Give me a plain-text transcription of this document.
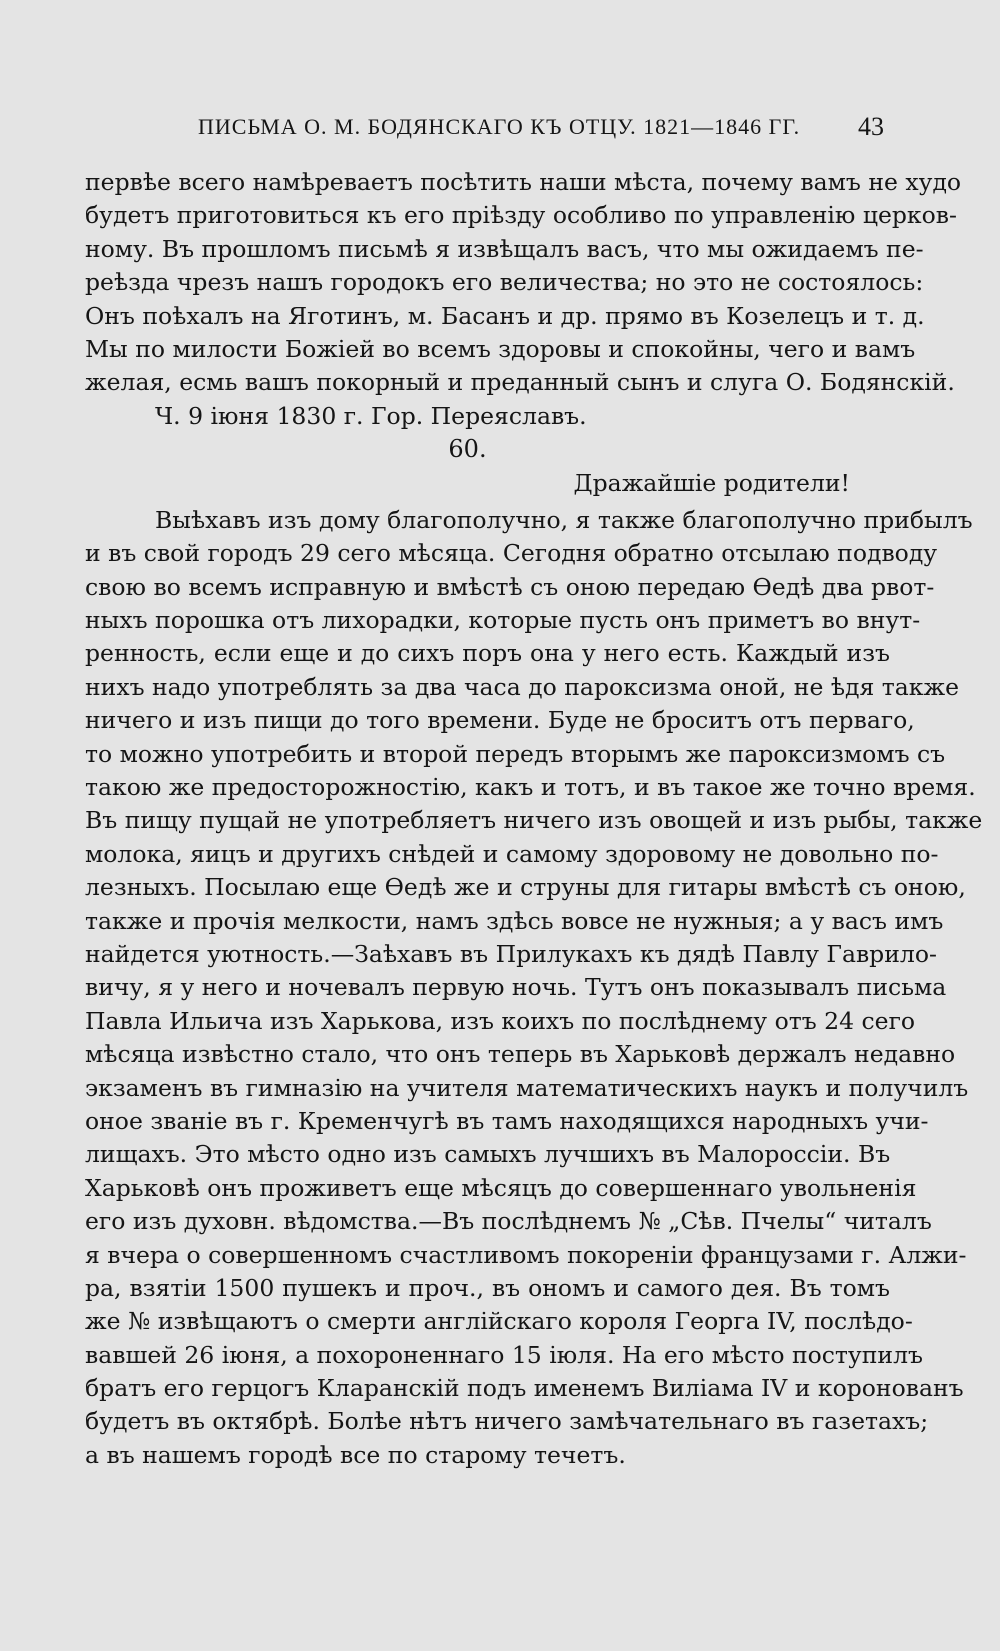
ПИСЬМА О. М. БОДЯНСКАГО КЪ ОТЦУ. 1821—1846 ГГ. 43
первѣе всего намѣреваетъ посѣтить наши мѣста, почему вамъ не худо
будетъ приготовиться къ его прiѣзду особливо по управленiю церков-
ному. Въ прошломъ письмѣ я извѣщалъ васъ, что мы ожидаемъ пе-
реѣзда чрезъ нашъ городокъ его величества; но это не состоялось:
Онъ поѣхалъ на Яготинъ, м. Басанъ и др. прямо въ Козелецъ и т. д.
Мы по милости Божiей во всемъ здоровы и спокойны, чего и вамъ
желая, есмь вашъ покорный и преданный сынъ и слуга О. Бодянскiй.
Ч. 9 iюня 1830 г. Гор. Переяславъ.
60.
Дражайшiе родители!
Выѣхавъ изъ дому благополучно, я также благополучно прибылъ
и въ свой городъ 29 сего мѣсяца. Сегодня обратно отсылаю подводу
свою во всемъ исправную и вмѣстѣ съ оною передаю Ѳедѣ два рвот-
ныхъ порошка отъ лихорадки, которые пусть онъ приметъ во внут-
ренность, если еще и до сихъ поръ она у него есть. Каждый изъ
нихъ надо употреблять за два часа до пароксизма оной, не ѣдя также
ничего и изъ пищи до того времени. Буде не броситъ отъ перваго,
то можно употребить и второй передъ вторымъ же пароксизмомъ съ
такою же предосторожностiю, какъ и тотъ, и въ такое же точно время.
Въ пищу пущай не употребляетъ ничего изъ овощей и изъ рыбы, также
молока, яицъ и другихъ снѣдей и самому здоровому не довольно по-
лезныхъ. Посылаю еще Ѳедѣ же и струны для гитары вмѣстѣ съ оною,
также и прочiя мелкости, намъ здѣсь вовсе не нужныя; а у васъ имъ
найдется уютность.—Заѣхавъ въ Прилукахъ къ дядѣ Павлу Гаврило-
вичу, я у него и ночевалъ первую ночь. Тутъ онъ показывалъ письма
Павла Ильича изъ Харькова, изъ коихъ по послѣднему отъ 24 сего
мѣсяца извѣстно стало, что онъ теперь въ Харьковѣ держалъ недавно
экзаменъ въ гимназiю на учителя математическихъ наукъ и получилъ
оное званiе въ г. Кременчугѣ въ тамъ находящихся народныхъ учи-
лищахъ. Это мѣсто одно изъ самыхъ лучшихъ въ Малороссiи. Въ
Харьковѣ онъ проживетъ еще мѣсяцъ до совершеннаго увольненiя
его изъ духовн. вѣдомства.—Въ послѣднемъ № „Сѣв. Пчелы“ читалъ
я вчера о совершенномъ счастливомъ покоренiи французами г. Алжи-
ра, взятiи 1500 пушекъ и проч., въ ономъ и самого дея. Въ томъ
же № извѣщаютъ о смерти англiйскаго короля Георга IV, послѣдо-
вавшей 26 iюня, а похороненнаго 15 iюля. На его мѣсто поступилъ
братъ его герцогъ Кларанскiй подъ именемъ Вилiама IV и коронованъ
будетъ въ октябрѣ. Болѣе нѣтъ ничего замѣчательнаго въ газетахъ;
а въ нашемъ городѣ все по старому течетъ.
